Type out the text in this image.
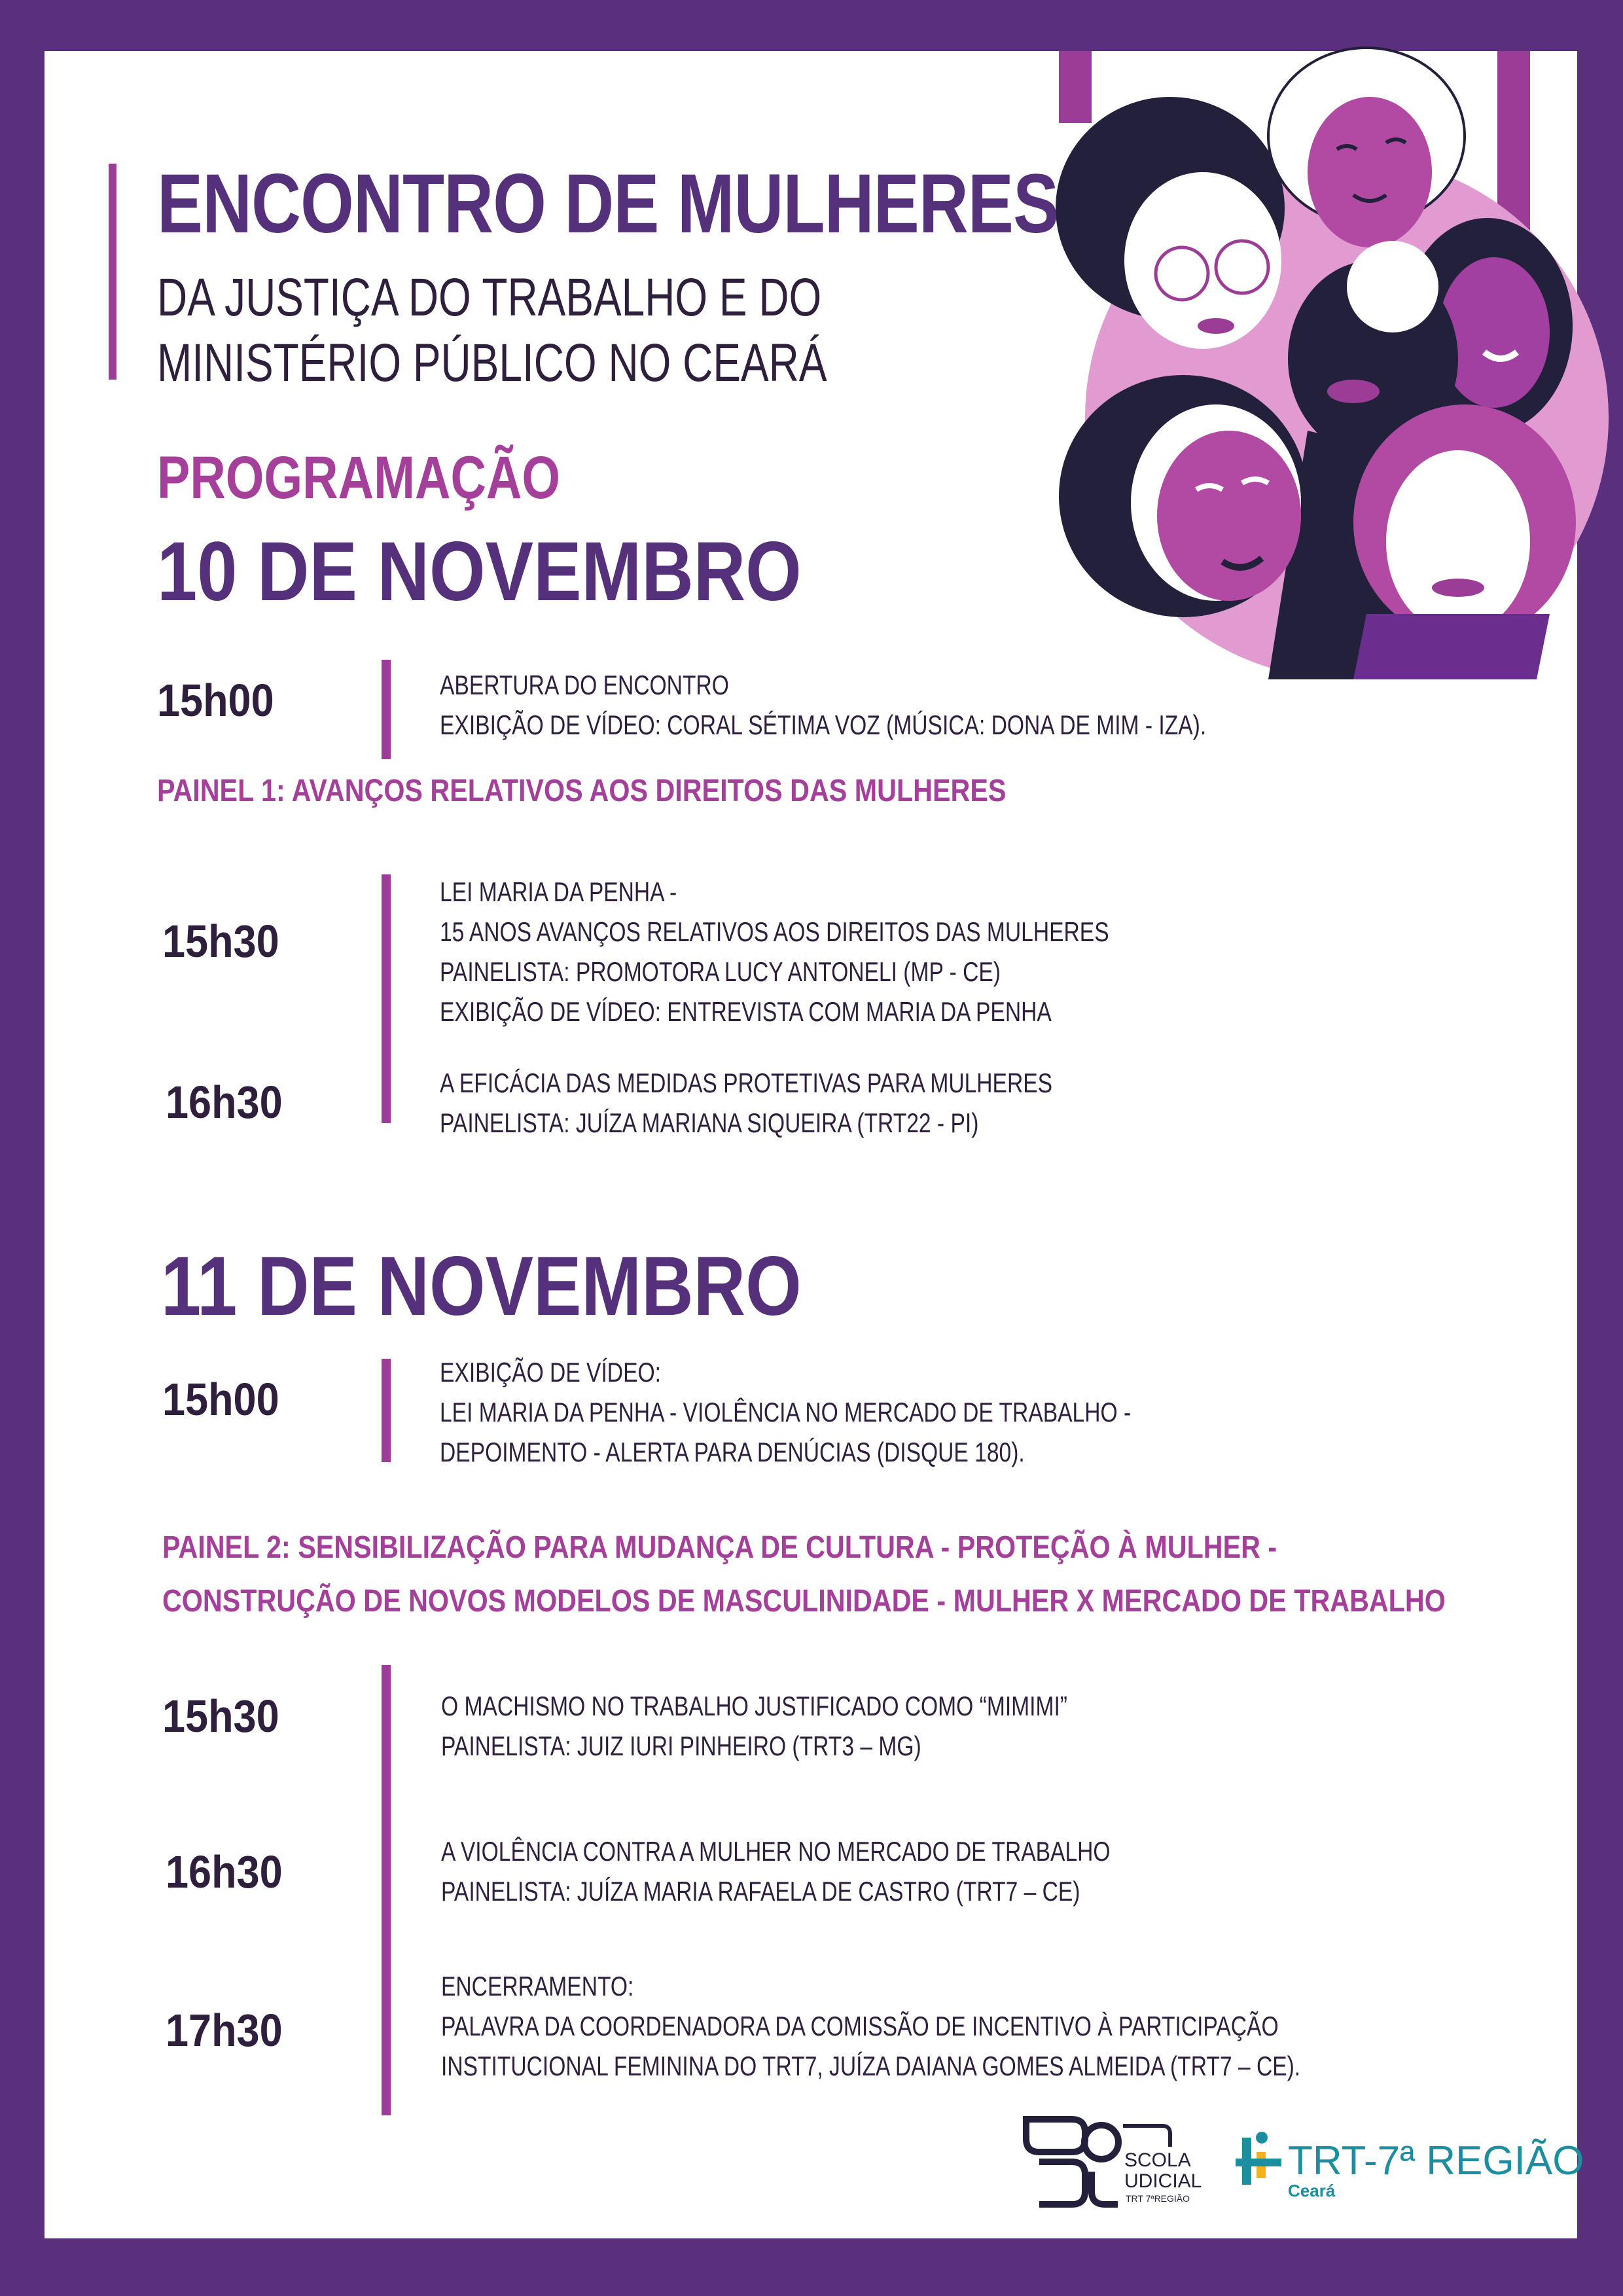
ENCONTRO DE MULHERES
DA JUSTIÇA DO TRABALHO E DO
MINISTÉRIO PÚBLICO NO CEARÁ
PROGRAMAÇÃO
10 DE NOVEMBRO
15h00	ABERTURA DO ENCONTRO
EXIBIÇÃO DE VÍDEO: CORAL SÉTIMA VOZ (MÚSICA: DONA DE MIM - IZA).
PAINEL 1: AVANÇOS RELATIVOS AOS DIREITOS DAS MULHERES
15h30
LEI MARIA DA PENHA -
15 ANOS AVANÇOS RELATIVOS AOS DIREITOS DAS MULHERES
PAINELISTA: PROMOTORA LUCY ANTONELI (MP - CE)
EXIBIÇÃO DE VÍDEO: ENTREVISTA COM MARIA DA PENHA
16h30	A EFICÁCIA DAS MEDIDAS PROTETIVAS PARA MULHERES
PAINELISTA: JUÍZA MARIANA SIQUEIRA (TRT22 - PI)
11 DE NOVEMBRO
15h00
EXIBIÇÃO DE VÍDEO:
LEI MARIA DA PENHA - VIOLÊNCIA NO MERCADO DE TRABALHO -
DEPOIMENTO - ALERTA PARA DENÚCIAS (DISQUE 180).
PAINEL 2: SENSIBILIZAÇÃO PARA MUDANÇA DE CULTURA - PROTEÇÃO À MULHER -
CONSTRUÇÃO DE NOVOS MODELOS DE MASCULINIDADE - MULHER X MERCADO DE TRABALHO
15h30	O MACHISMO NO TRABALHO JUSTIFICADO COMO “MIMIMI”
PAINELISTA: JUIZ IURI PINHEIRO (TRT3 – MG)
16h30	A VIOLÊNCIA CONTRA A MULHER NO MERCADO DE TRABALHO
PAINELISTA: JUÍZA MARIA RAFAELA DE CASTRO (TRT7 – CE)
17h30
ENCERRAMENTO:
PALAVRA DA COORDENADORA DA COMISSÃO DE INCENTIVO À PARTICIPAÇÃO
INSTITUCIONAL FEMININA DO TRT7, JUÍZA DAIANA GOMES ALMEIDA (TRT7 – CE).
SCOLA
UDICIAL
TRT 7ªREGIÃO
TRT-7ª REGIÃO
Ceará
